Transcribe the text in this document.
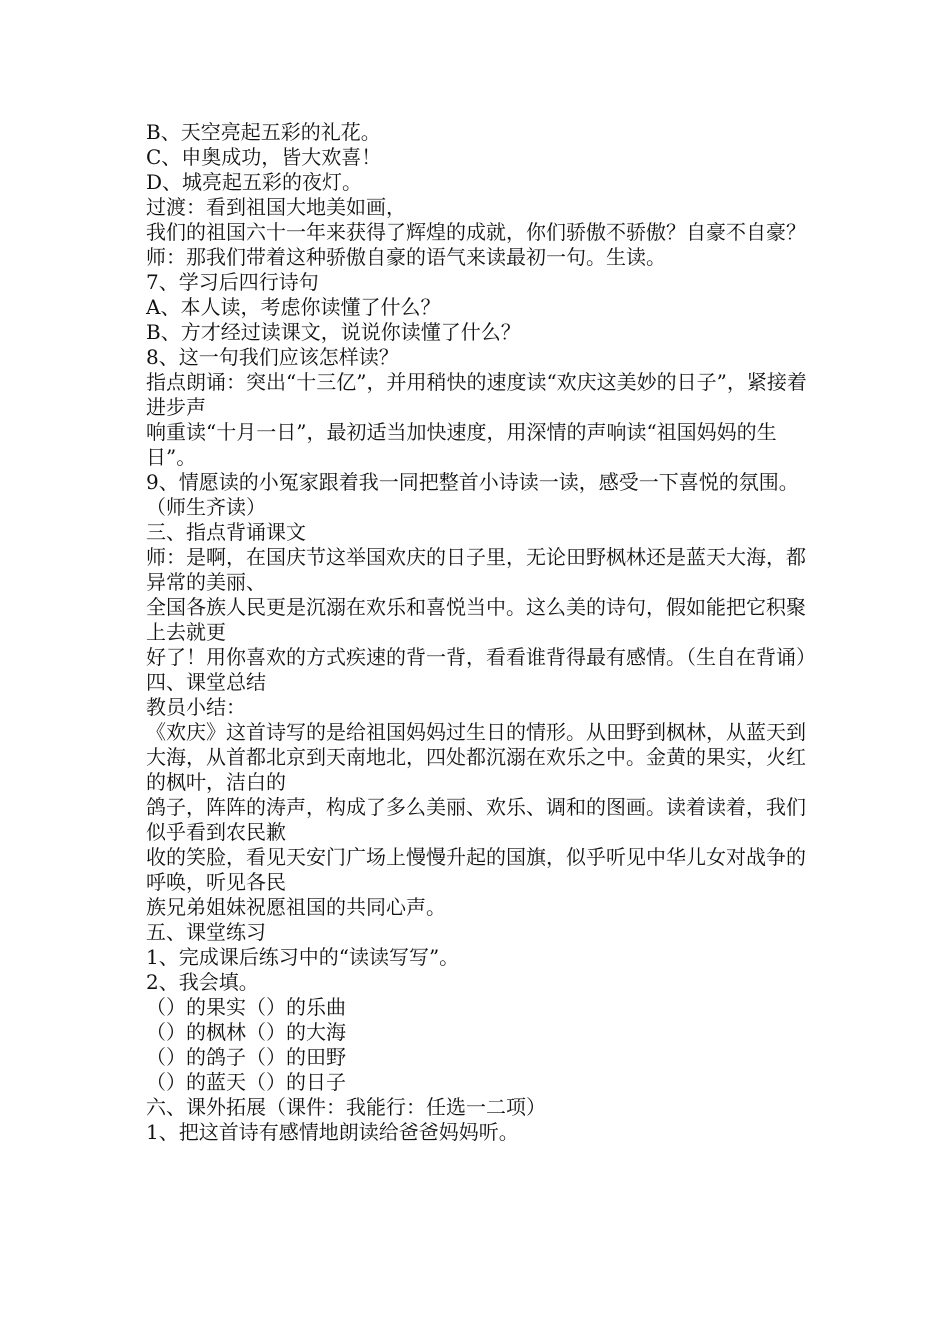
B、天空亮起五彩的礼花。

C、申奥成功，皆大欢喜！

D、城亮起五彩的夜灯。

过渡：看到祖国大地美如画，

我们的祖国六十一年来获得了辉煌的成就，你们骄傲不骄傲？自豪不自豪？

师：那我们带着这种骄傲自豪的语气来读最初一句。生读。

7、学习后四行诗句

A、本人读，考虑你读懂了什么？

B、方才经过读课文，说说你读懂了什么？

8、这一句我们应该怎样读？

指点朗诵：突出“十三亿”，并用稍快的速度读“欢庆这美妙的日子”，紧接着进步声

响重读“十月一日”，最初适当加快速度，用深情的声响读“祖国妈妈的生日”。

9、情愿读的小冤家跟着我一同把整首小诗读一读，感受一下喜悦的氛围。（师生齐读）

三、指点背诵课文

师：是啊，在国庆节这举国欢庆的日子里，无论田野枫林还是蓝天大海，都异常的美丽、

全国各族人民更是沉溺在欢乐和喜悦当中。这么美的诗句，假如能把它积聚上去就更

好了！用你喜欢的方式疾速的背一背，看看谁背得最有感情。（生自在背诵）

四、课堂总结

教员小结：

《欢庆》这首诗写的是给祖国妈妈过生日的情形。从田野到枫林，从蓝天到

大海，从首都北京到天南地北，四处都沉溺在欢乐之中。金黄的果实，火红的枫叶，洁白的

鸽子，阵阵的涛声，构成了多么美丽、欢乐、调和的图画。读着读着，我们似乎看到农民歉

收的笑脸，看见天安门广场上慢慢升起的国旗，似乎听见中华儿女对战争的呼唤，听见各民

族兄弟姐妹祝愿祖国的共同心声。

五、课堂练习

1、完成课后练习中的“读读写写”。

2、我会填。

（）的果实（）的乐曲

（）的枫林（）的大海

（）的鸽子（）的田野

（）的蓝天（）的日子

六、课外拓展（课件：我能行：任选一二项）

1、把这首诗有感情地朗读给爸爸妈妈听。
